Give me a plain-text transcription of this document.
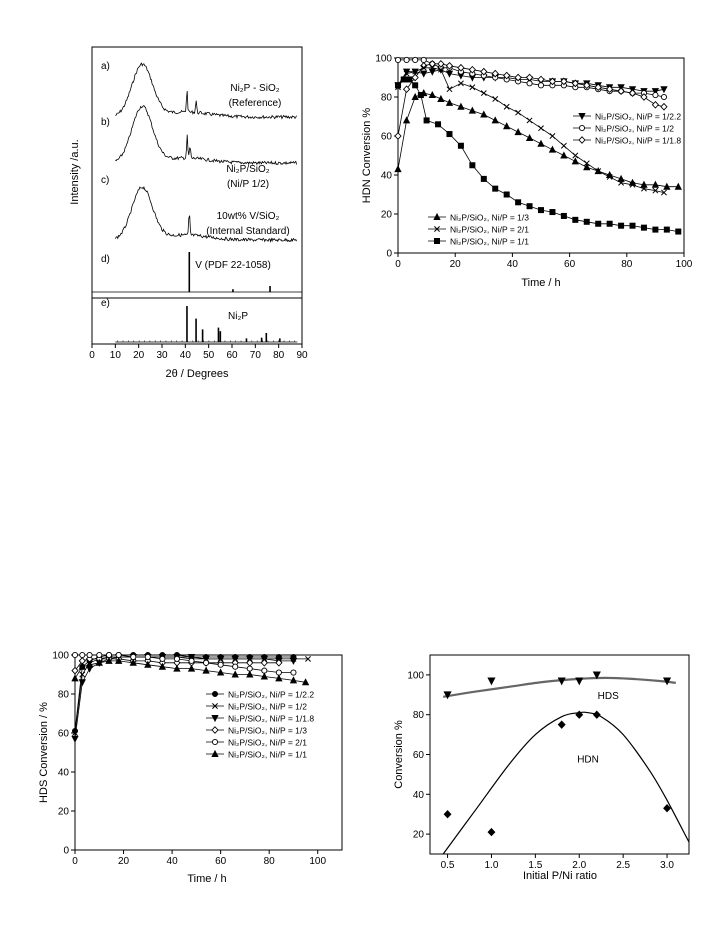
0 10 20 30 40 50 60 70 80 90
2θ / Degrees
Intensity /a.u.
a)
Ni₂P - SiO₂
(Reference)
b)
Ni₂P/SiO₂
(Ni/P 1/2)
c)
10wt% V/SiO₂
(Internal Standard)
d)
V (PDF 22-1058)
e)
Ni₂P
0	20	40	60	80	100
0
20
40
60
80
100
Time / h
HDN Conversion %	Ni₂P/SiO₂, Ni/P = 1/2.2
Ni₂P/SiO₂, Ni/P = 1/2
Ni₂P/SiO₂, Ni/P = 1/1.8
Ni₂P/SiO₂, Ni/P = 1/3
Ni₂P/SiO₂, Ni/P = 2/1
Ni₂P/SiO₂, Ni/P = 1/1
0	20	40	60	80	100
0
20
40
60
80
100
Time / h
HDS Conversion / %
Ni₂P/SiO₂, Ni/P = 1/2.2
Ni₂P/SiO₂, Ni/P = 1/2
Ni₂P/SiO₂, Ni/P = 1/1.8
Ni₂P/SiO₂, Ni/P = 1/3
Ni₂P/SiO₂, Ni/P = 2/1
Ni₂P/SiO₂, Ni/P = 1/1
0.5	1.0	1.5	2.0	2.5	3.0
20
40
60
80
100
Initial P/Ni ratio
Conversion %
HDS
HDN
